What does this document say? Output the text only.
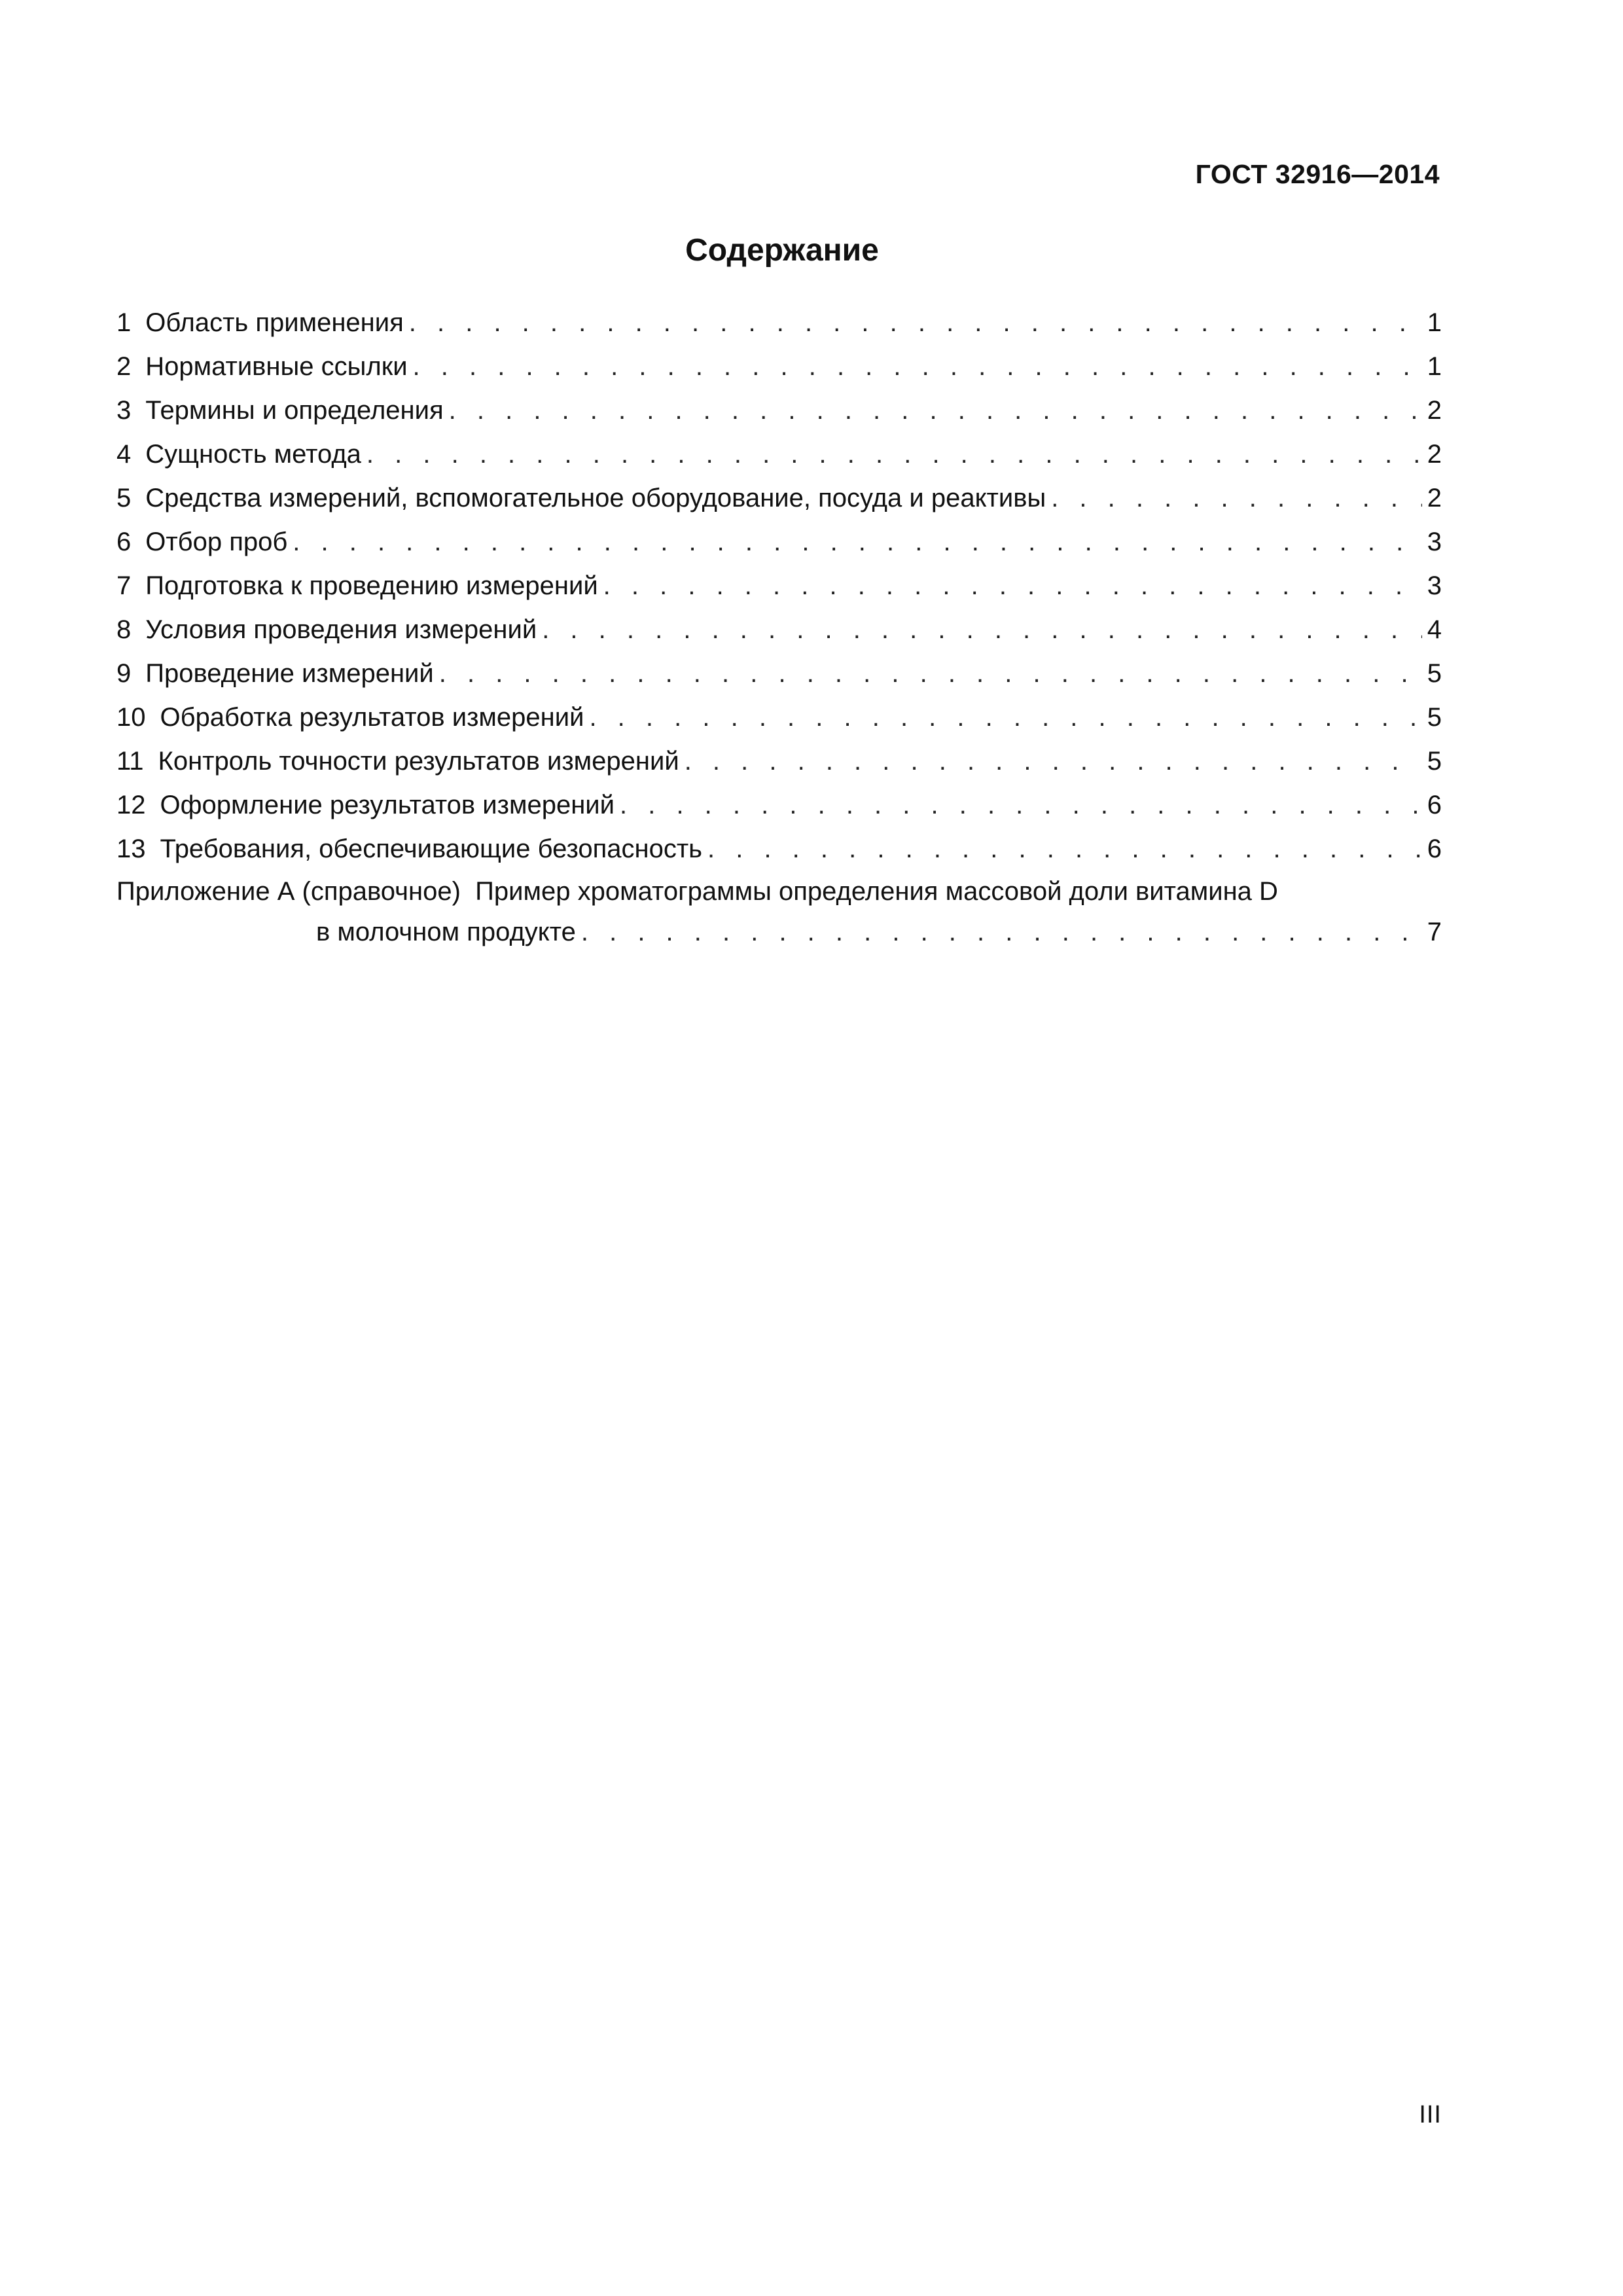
ГОСТ 32916—2014
Содержание
1 Область применения . . .	1
2 Нормативные ссылки . . .	1
3 Термины и определения . . .	2
4 Сущность метода . . .	2
5 Средства измерений, вспомогательное оборудование, посуда и реактивы . . .	2
6 Отбор проб . . .	3
7 Подготовка к проведению измерений . . .	3
8 Условия проведения измерений . . .	4
9 Проведение измерений . . .	5
10 Обработка результатов измерений . . .	5
11 Контроль точности результатов измерений . . .	5
12 Оформление результатов измерений . . .	6
13 Требования, обеспечивающие безопасность . . .	6
Приложение А (справочное) Пример хроматограммы определения массовой доли витамина D
в молочном продукте . . .	7
III
